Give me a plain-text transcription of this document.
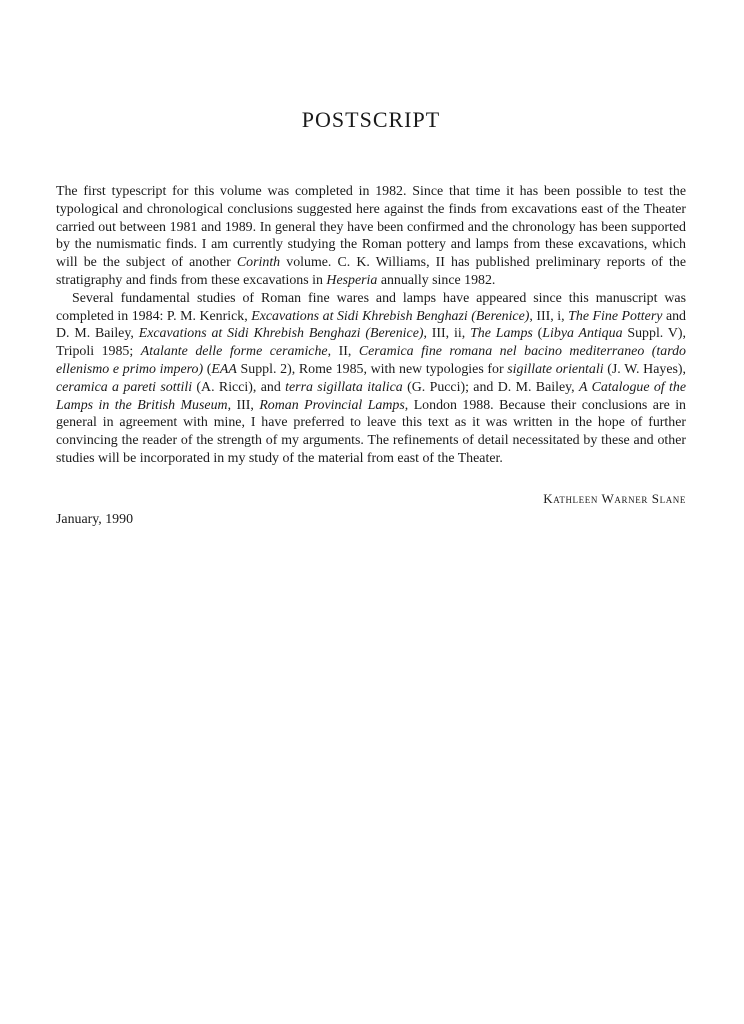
POSTSCRIPT

The first typescript for this volume was completed in 1982. Since that time it has been possible to test the typological and chronological conclusions suggested here against the finds from excavations east of the Theater carried out between 1981 and 1989. In general they have been confirmed and the chronology has been supported by the numismatic finds. I am currently studying the Roman pottery and lamps from these excavations, which will be the subject of another Corinth volume. C. K. Williams, II has published preliminary reports of the stratigraphy and finds from these excavations in Hesperia annually since 1982.

Several fundamental studies of Roman fine wares and lamps have appeared since this manuscript was completed in 1984: P. M. Kenrick, Excavations at Sidi Khrebish Benghazi (Berenice), III, i, The Fine Pottery and D. M. Bailey, Excavations at Sidi Khrebish Benghazi (Berenice), III, ii, The Lamps (Libya Antiqua Suppl. V), Tripoli 1985; Atalante delle forme ceramiche, II, Ceramica fine romana nel bacino mediterraneo (tardo ellenismo e primo impero) (EAA Suppl. 2), Rome 1985, with new typologies for sigillate orientali (J. W. Hayes), ceramica a pareti sottili (A. Ricci), and terra sigillata italica (G. Pucci); and D. M. Bailey, A Catalogue of the Lamps in the British Museum, III, Roman Provincial Lamps, London 1988. Because their conclusions are in general in agreement with mine, I have preferred to leave this text as it was written in the hope of further convincing the reader of the strength of my arguments. The refinements of detail necessitated by these and other studies will be incorporated in my study of the material from east of the Theater.

Kathleen Warner Slane
January, 1990
